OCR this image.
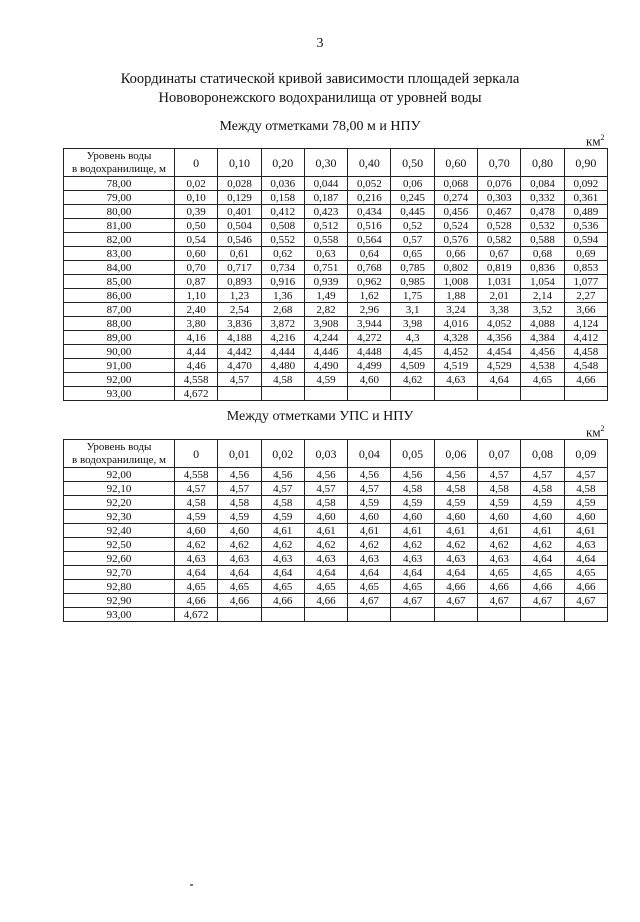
3
Координаты статической кривой зависимости площадей зеркала
Нововоронежского водохранилища от уровней воды
Между отметками 78,00 м и НПУ
$км^2$
Уровень воды
в водохранилище, м	0	0,10	0,20	0,30	0,40	0,50	0,60	0,70	0,80	0,90
78,00	0,02	0,028	0,036	0,044	0,052	0,06	0,068	0,076	0,084	0,092
79,00	0,10	0,129	0,158	0,187	0,216	0,245	0,274	0,303	0,332	0,361
80,00	0,39	0,401	0,412	0,423	0,434	0,445	0,456	0,467	0,478	0,489
81,00	0,50	0,504	0,508	0,512	0,516	0,52	0,524	0,528	0,532	0,536
82,00	0,54	0,546	0,552	0,558	0,564	0,57	0,576	0,582	0,588	0,594
83,00	0,60	0,61	0,62	0,63	0,64	0,65	0,66	0,67	0,68	0,69
84,00	0,70	0,717	0,734	0,751	0,768	0,785	0,802	0,819	0,836	0,853
85,00	0,87	0,893	0,916	0,939	0,962	0,985	1,008	1,031	1,054	1,077
86,00	1,10	1,23	1,36	1,49	1,62	1,75	1,88	2,01	2,14	2,27
87,00	2,40	2,54	2,68	2,82	2,96	3,1	3,24	3,38	3,52	3,66
88,00	3,80	3,836	3,872	3,908	3,944	3,98	4,016	4,052	4,088	4,124
89,00	4,16	4,188	4,216	4,244	4,272	4,3	4,328	4,356	4,384	4,412
90,00	4,44	4,442	4,444	4,446	4,448	4,45	4,452	4,454	4,456	4,458
91,00	4,46	4,470	4,480	4,490	4,499	4,509	4,519	4,529	4,538	4,548
92,00	4,558	4,57	4,58	4,59	4,60	4,62	4,63	4,64	4,65	4,66
93,00	4,672									
Между отметками УПС и НПУ
$км^2$
Уровень воды
в водохранилище, м	0	0,01	0,02	0,03	0,04	0,05	0,06	0,07	0,08	0,09
92,00	4,558	4,56	4,56	4,56	4,56	4,56	4,56	4,57	4,57	4,57
92,10	4,57	4,57	4,57	4,57	4,57	4,58	4,58	4,58	4,58	4,58
92,20	4,58	4,58	4,58	4,58	4,59	4,59	4,59	4,59	4,59	4,59
92,30	4,59	4,59	4,59	4,60	4,60	4,60	4,60	4,60	4,60	4,60
92,40	4,60	4,60	4,61	4,61	4,61	4,61	4,61	4,61	4,61	4,61
92,50	4,62	4,62	4,62	4,62	4,62	4,62	4,62	4,62	4,62	4,63
92,60	4,63	4,63	4,63	4,63	4,63	4,63	4,63	4,63	4,64	4,64
92,70	4,64	4,64	4,64	4,64	4,64	4,64	4,64	4,65	4,65	4,65
92,80	4,65	4,65	4,65	4,65	4,65	4,65	4,66	4,66	4,66	4,66
92,90	4,66	4,66	4,66	4,66	4,67	4,67	4,67	4,67	4,67	4,67
93,00	4,672									
